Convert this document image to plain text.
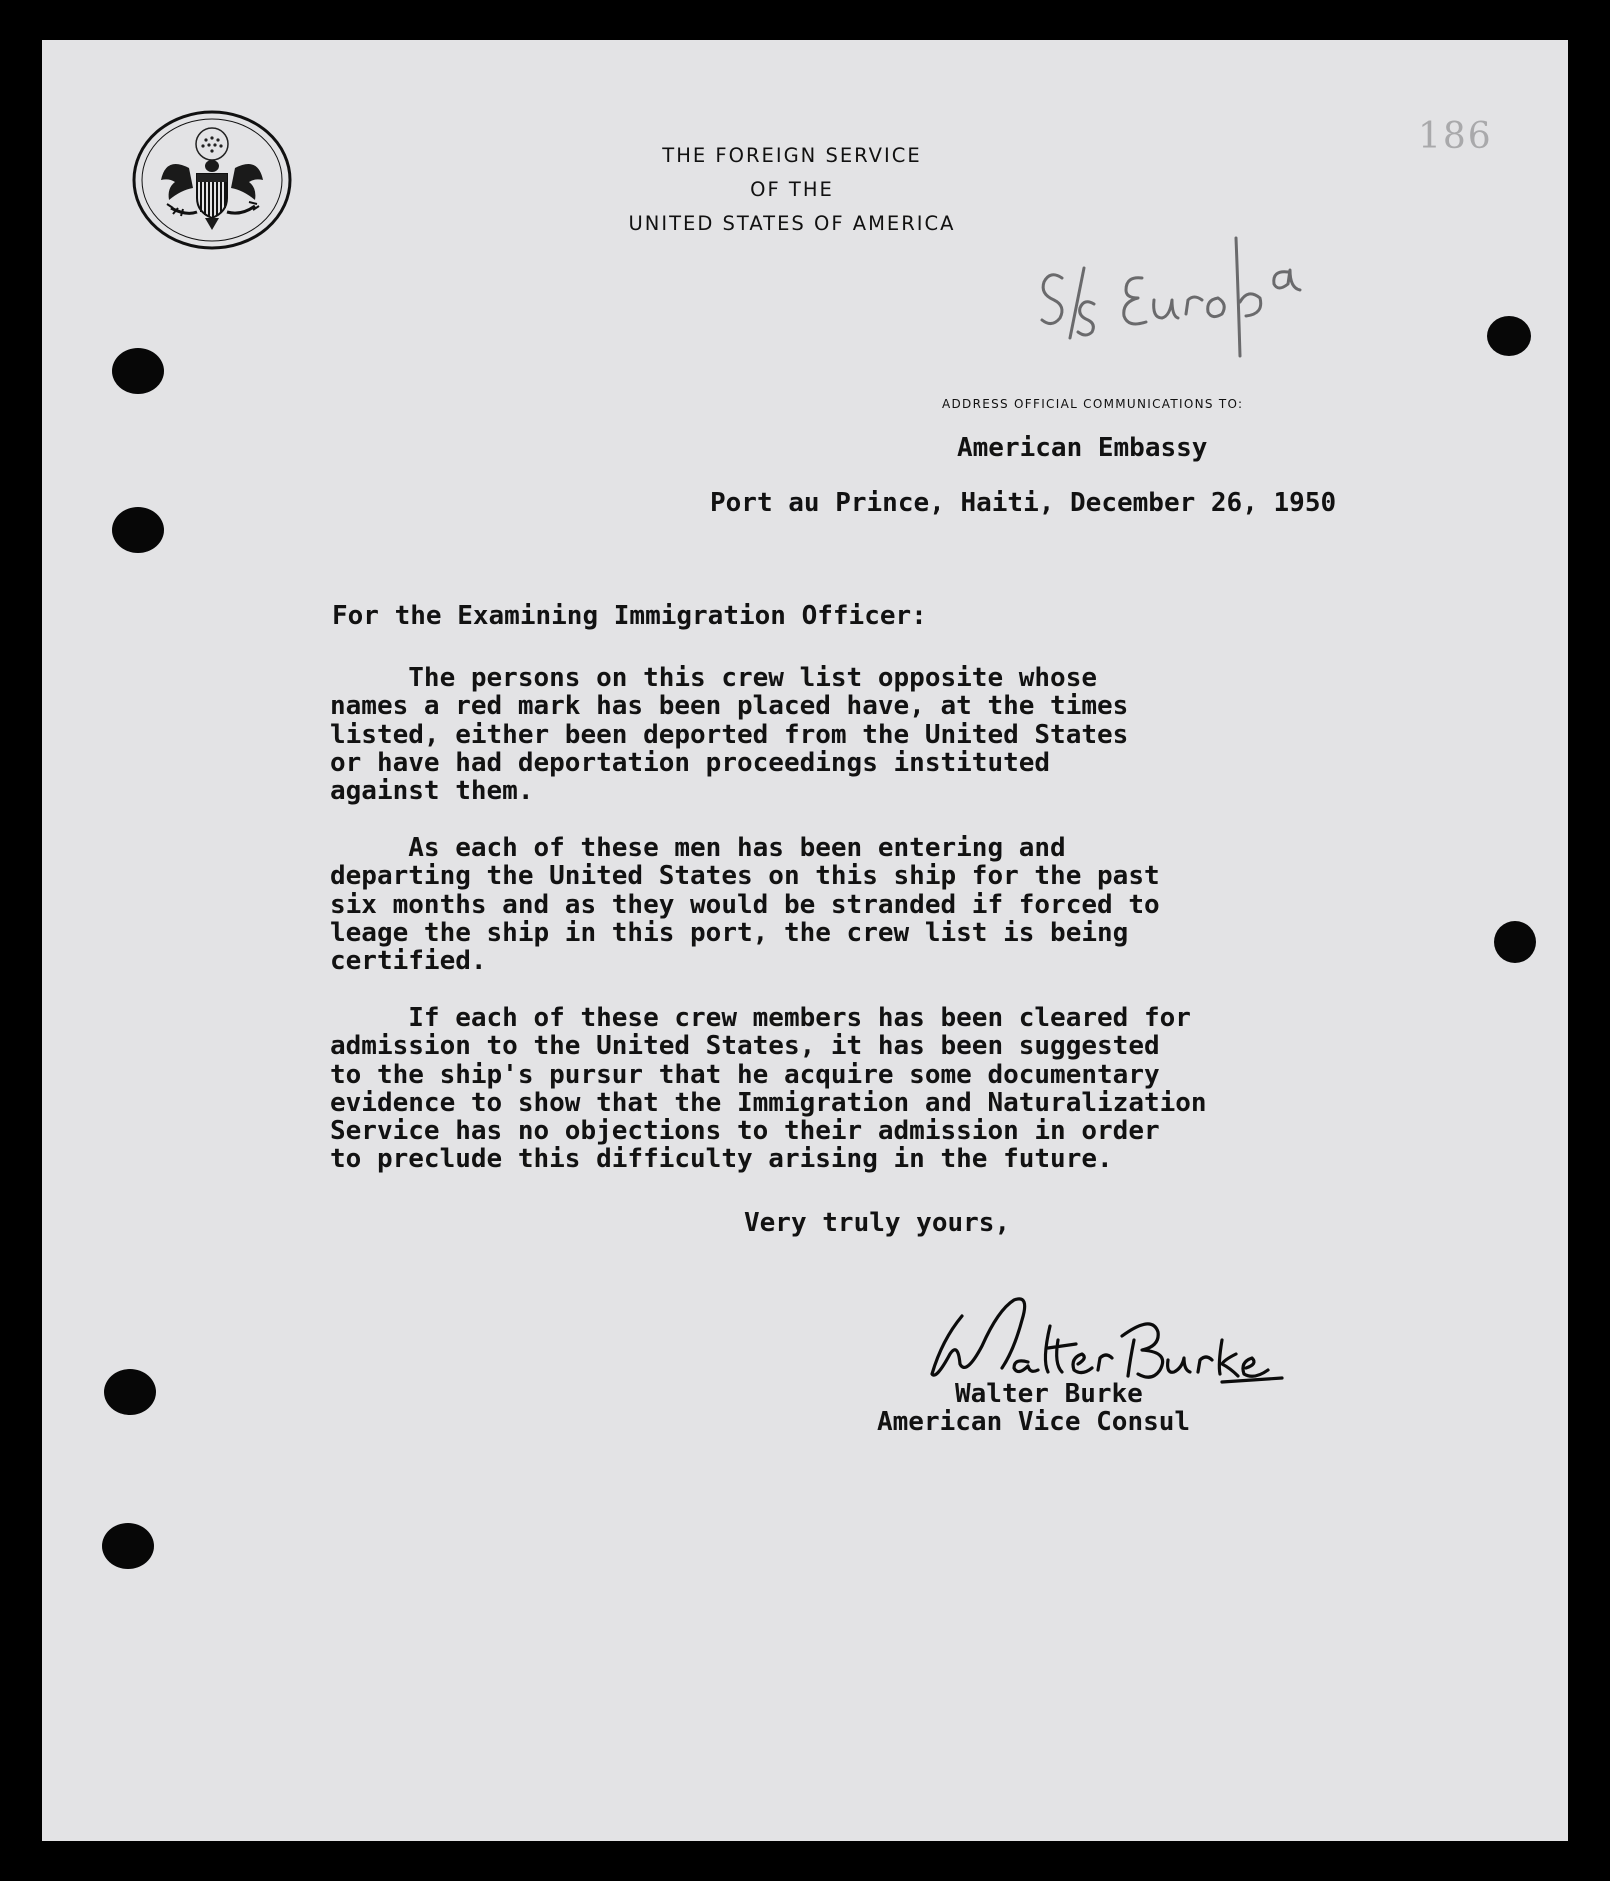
186
THE FOREIGN SERVICE
OF THE
UNITED STATES OF AMERICA
ADDRESS OFFICIAL COMMUNICATIONS TO:

American Embassy

Port au Prince, Haiti, December 26, 1950

For the Examining Immigration Officer:

The persons on this crew list opposite whose
names a red mark has been placed have, at the times
listed, either been deported from the United States
or have had deportation proceedings instituted
against them.

As each of these men has been entering and
departing the United States on this ship for the past
six months and as they would be stranded if forced to
leage the ship in this port, the crew list is being
certified.

If each of these crew members has been cleared for
admission to the United States, it has been suggested
to the ship's pursur that he acquire some documentary
evidence to show that the Immigration and Naturalization
Service has no objections to their admission in order
to preclude this difficulty arising in the future.

Very truly yours,

Walter Burke

American Vice Consul
